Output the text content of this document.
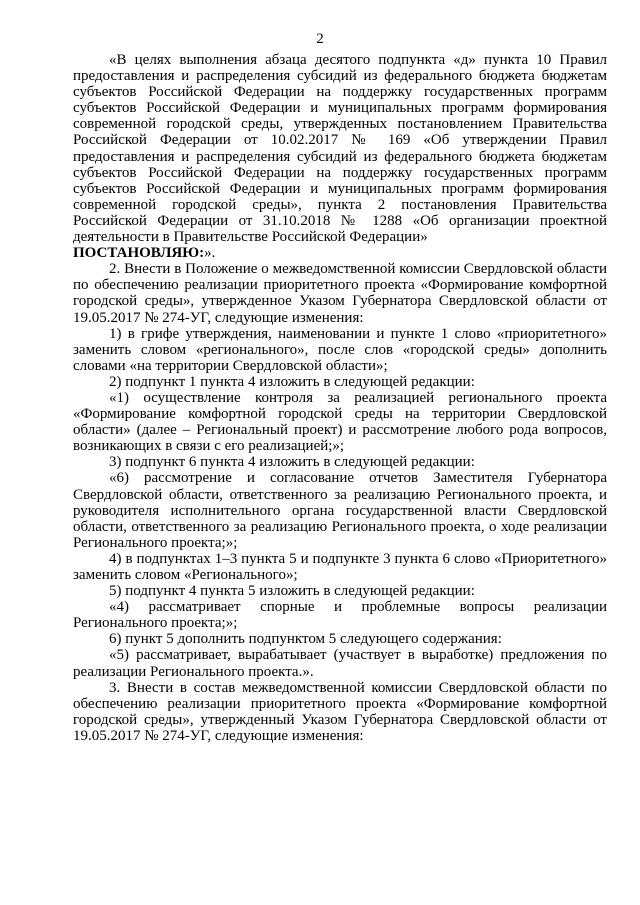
2

«В целях выполнения абзаца десятого подпункта «д» пункта 10 Правил предоставления и распределения субсидий из федерального бюджета бюджетам субъектов Российской Федерации на поддержку государственных программ субъектов Российской Федерации и муниципальных программ формирования современной городской среды, утвержденных постановлением Правительства Российской Федерации от 10.02.2017 № 169 «Об утверждении Правил предоставления и распределения субсидий из федерального бюджета бюджетам субъектов Российской Федерации на поддержку государственных программ субъектов Российской Федерации и муниципальных программ формирования современной городской среды», пункта 2 постановления Правительства Российской Федерации от 31.10.2018 № 1288 «Об организации проектной деятельности в Правительстве Российской Федерации»

ПОСТАНОВЛЯЮ:».

2. Внести в Положение о межведомственной комиссии Свердловской области по обеспечению реализации приоритетного проекта «Формирование комфортной городской среды», утвержденное Указом Губернатора Свердловской области от 19.05.2017 № 274-УГ, следующие изменения:

1) в грифе утверждения, наименовании и пункте 1 слово «приоритетного» заменить словом «регионального», после слов «городской среды» дополнить словами «на территории Свердловской области»;

2) подпункт 1 пункта 4 изложить в следующей редакции:

«1) осуществление контроля за реализацией регионального проекта «Формирование комфортной городской среды на территории Свердловской области» (далее – Региональный проект) и рассмотрение любого рода вопросов, возникающих в связи с его реализацией;»;

3) подпункт 6 пункта 4 изложить в следующей редакции:

«6) рассмотрение и согласование отчетов Заместителя Губернатора Свердловской области, ответственного за реализацию Регионального проекта, и руководителя исполнительного органа государственной власти Свердловской области, ответственного за реализацию Регионального проекта, о ходе реализации Регионального проекта;»;

4) в подпунктах 1–3 пункта 5 и подпункте 3 пункта 6 слово «Приоритетного» заменить словом «Регионального»;

5) подпункт 4 пункта 5 изложить в следующей редакции:

«4) рассматривает спорные и проблемные вопросы реализации Регионального проекта;»;

6) пункт 5 дополнить подпунктом 5 следующего содержания:

«5) рассматривает, вырабатывает (участвует в выработке) предложения по реализации Регионального проекта.».

3. Внести в состав межведомственной комиссии Свердловской области по обеспечению реализации приоритетного проекта «Формирование комфортной городской среды», утвержденный Указом Губернатора Свердловской области от 19.05.2017 № 274-УГ, следующие изменения:
